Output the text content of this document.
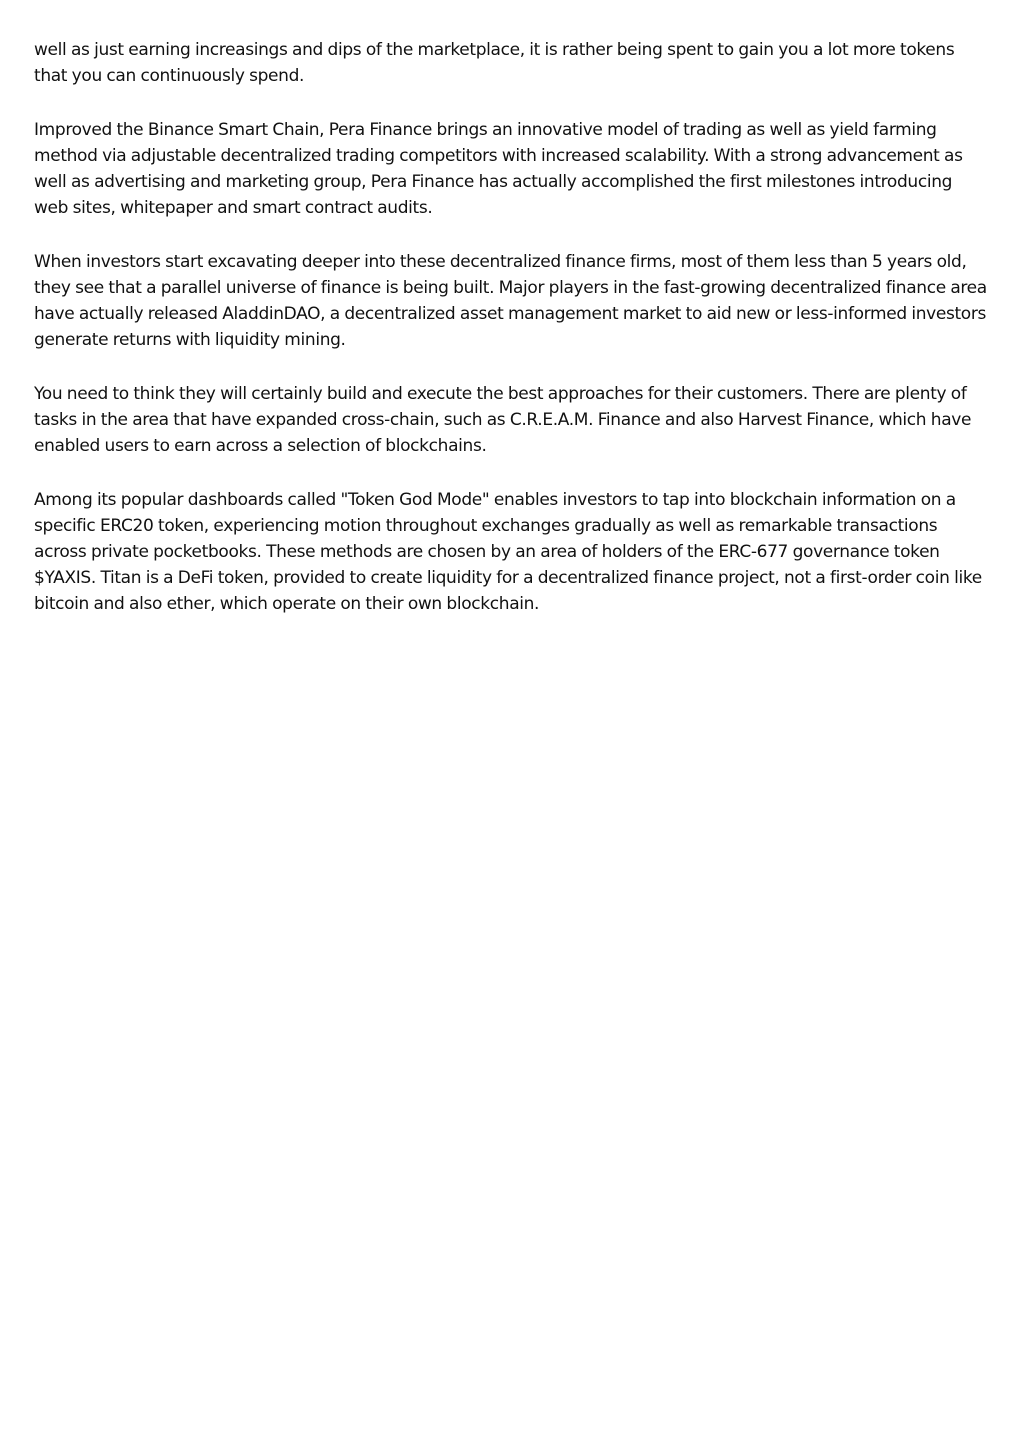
well as just earning increasings and dips of the marketplace, it is rather being spent to gain you a lot more tokens that you can continuously spend.

Improved the Binance Smart Chain, Pera Finance brings an innovative model of trading as well as yield farming method via adjustable decentralized trading competitors with increased scalability. With a strong advancement as well as advertising and marketing group, Pera Finance has actually accomplished the first milestones introducing web sites, whitepaper and smart contract audits.

When investors start excavating deeper into these decentralized finance firms, most of them less than 5 years old, they see that a parallel universe of finance is being built. Major players in the fast-growing decentralized finance area have actually released AladdinDAO, a decentralized asset management market to aid new or less-informed investors generate returns with liquidity mining.

You need to think they will certainly build and execute the best approaches for their customers. There are plenty of tasks in the area that have expanded cross-chain, such as C.R.E.A.M. Finance and also Harvest Finance, which have enabled users to earn across a selection of blockchains.

Among its popular dashboards called "Token God Mode" enables investors to tap into blockchain information on a specific ERC20 token, experiencing motion throughout exchanges gradually as well as remarkable transactions across private pocketbooks. These methods are chosen by an area of holders of the ERC-677 governance token $YAXIS. Titan is a DeFi token, provided to create liquidity for a decentralized finance project, not a first-order coin like bitcoin and also ether, which operate on their own blockchain.
